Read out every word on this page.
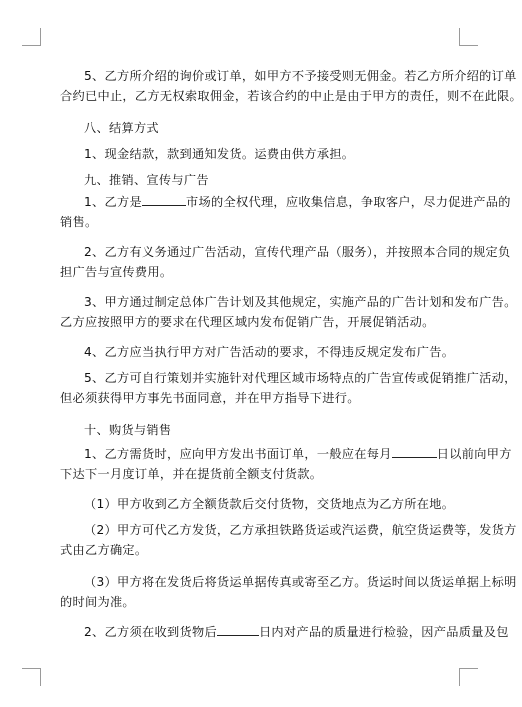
5、乙方所介绍的询价或订单，如甲方不予接受则无佣金。若乙方所介绍的订单
合约已中止，乙方无权索取佣金，若该合约的中止是由于甲方的责任，则不在此限。
八、结算方式
1、现金结款，款到通知发货。运费由供方承担。
九、推销、宣传与广告
1、乙方是	市场的全权代理，应收集信息，争取客户，尽力促进产品的
销售。
2、乙方有义务通过广告活动，宣传代理产品（服务），并按照本合同的规定负
担广告与宣传费用。
3、甲方通过制定总体广告计划及其他规定，实施产品的广告计划和发布广告。
乙方应按照甲方的要求在代理区域内发布促销广告，开展促销活动。
4、乙方应当执行甲方对广告活动的要求，不得违反规定发布广告。
5、乙方可自行策划并实施针对代理区域市场特点的广告宣传或促销推广活动，
但必须获得甲方事先书面同意，并在甲方指导下进行。
十、购货与销售
1、乙方需货时，应向甲方发出书面订单，一般应在每月	日以前向甲方
下达下一月度订单，并在提货前全额支付货款。
（1）甲方收到乙方全额货款后交付货物，交货地点为乙方所在地。
（2）甲方可代乙方发货，乙方承担铁路货运或汽运费，航空货运费等，发货方
式由乙方确定。
（3）甲方将在发货后将货运单据传真或寄至乙方。货运时间以货运单据上标明
的时间为准。
2、乙方须在收到货物后	日内对产品的质量进行检验，因产品质量及包
